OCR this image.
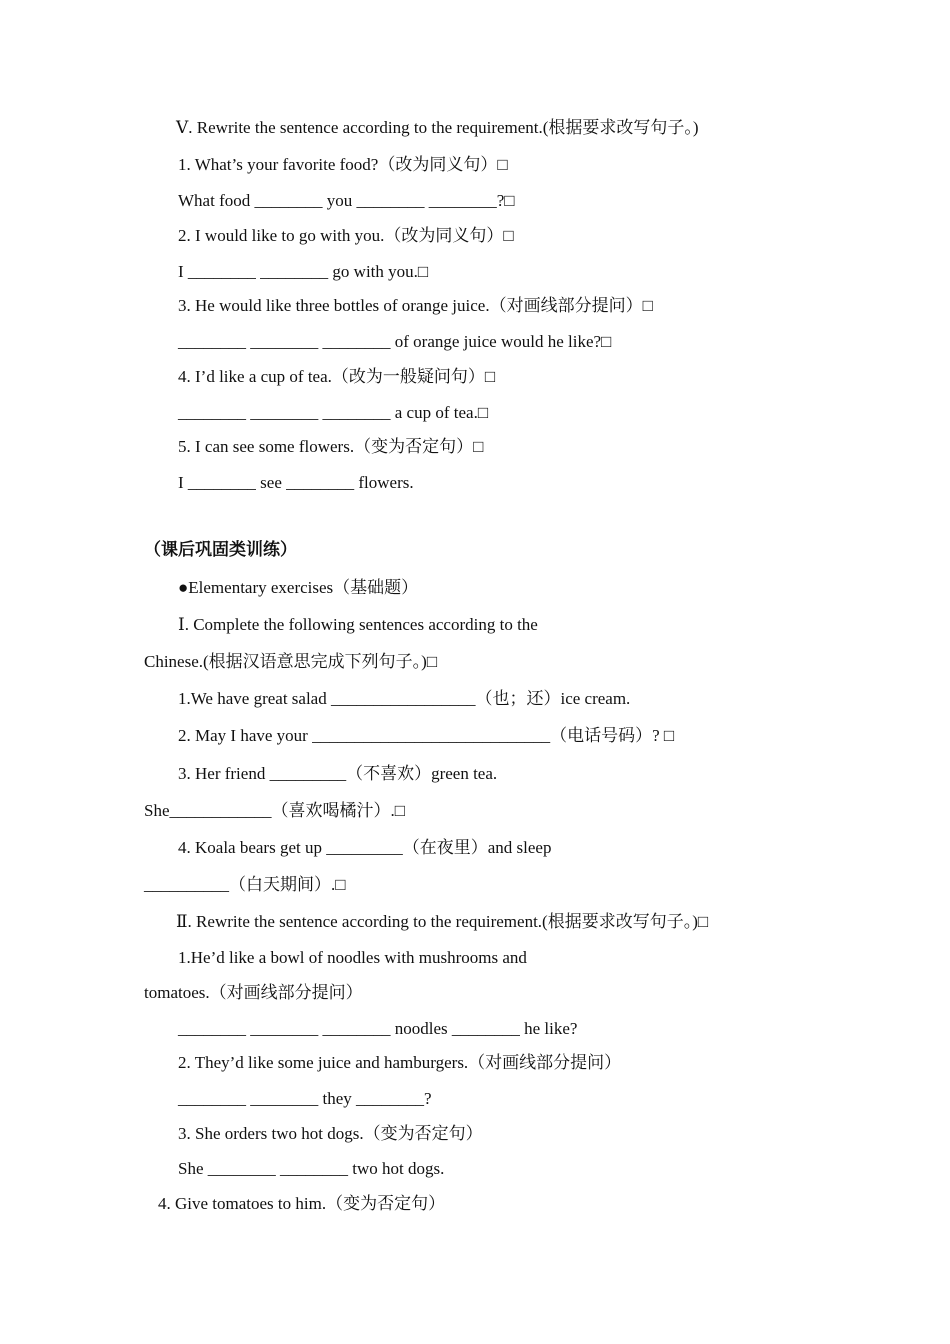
Ⅴ. Rewrite the sentence according to the requirement.(根据要求改写句子。)
1. What’s your favorite food?（改为同义句）□
What food ________ you ________ ________?□
2. I would like to go with you.（改为同义句）□
I ________ ________ go with you.□
3. He would like three bottles of orange juice.（对画线部分提问）□
________ ________ ________ of orange juice would he like?□
4. I’d like a cup of tea.（改为一般疑问句）□
________ ________ ________ a cup of tea.□
5. I can see some flowers.（变为否定句）□
I ________ see ________ flowers.
（课后巩固类训练）
●Elementary exercises（基础题）
Ⅰ. Complete the following sentences according to the
Chinese.(根据汉语意思完成下列句子。)□
1.We have great salad _________________（也；还）ice cream.
2. May I have your ____________________________（电话号码）? □
3. Her friend _________（不喜欢）green tea.
She____________（喜欢喝橘汁）.□
4. Koala bears get up _________（在夜里）and sleep
__________（白天期间）.□
Ⅱ. Rewrite the sentence according to the requirement.(根据要求改写句子。)□
1.He’d like a bowl of noodles with mushrooms and
tomatoes.（对画线部分提问）
________ ________ ________ noodles ________ he like?
2. They’d like some juice and hamburgers.（对画线部分提问）
________ ________ they ________?
3. She orders two hot dogs.（变为否定句）
She ________ ________ two hot dogs.
4. Give tomatoes to him.（变为否定句）
